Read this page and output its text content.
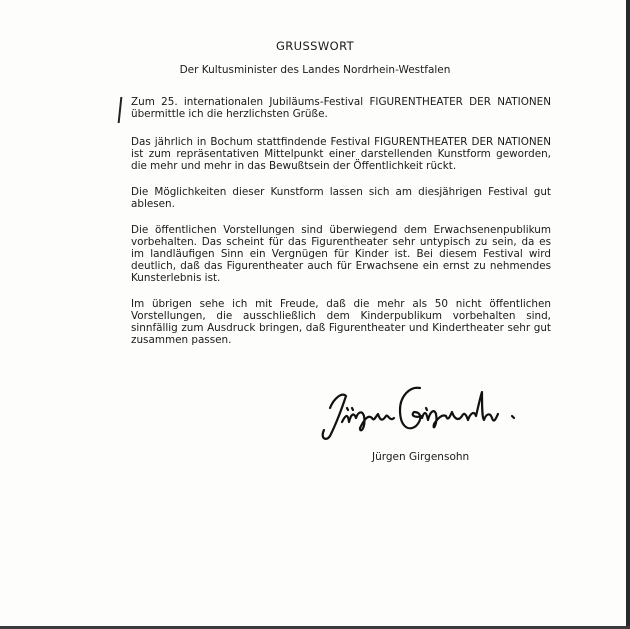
GRUSSWORT
Der Kultusminister des Landes Nordrhein-Westfalen

Zum 25. internationalen Jubiläums-Festival FIGURENTHEATER DER NATIONEN übermittle ich die herzlichsten Grüße.

Das jährlich in Bochum stattfindende Festival FIGURENTHEATER DER NATIONEN ist zum repräsentativen Mittelpunkt einer darstellenden Kunstform geworden, die mehr und mehr in das Bewußtsein der Öffentlichkeit rückt.

Die Möglichkeiten dieser Kunstform lassen sich am diesjährigen Festival gut ablesen.

Die öffentlichen Vorstellungen sind überwiegend dem Erwachsenenpublikum vorbehalten. Das scheint für das Figurentheater sehr untypisch zu sein, da es im landläufigen Sinn ein Vergnügen für Kinder ist. Bei diesem Festival wird deutlich, daß das Figurentheater auch für Erwachsene ein ernst zu nehmendes Kunsterlebnis ist.

Im übrigen sehe ich mit Freude, daß die mehr als 50 nicht öffentlichen Vorstellungen, die ausschließlich dem Kinderpublikum vorbehalten sind, sinnfällig zum Ausdruck bringen, daß Figurentheater und Kindertheater sehr gut zusammen passen.

Jürgen Girgensohn
